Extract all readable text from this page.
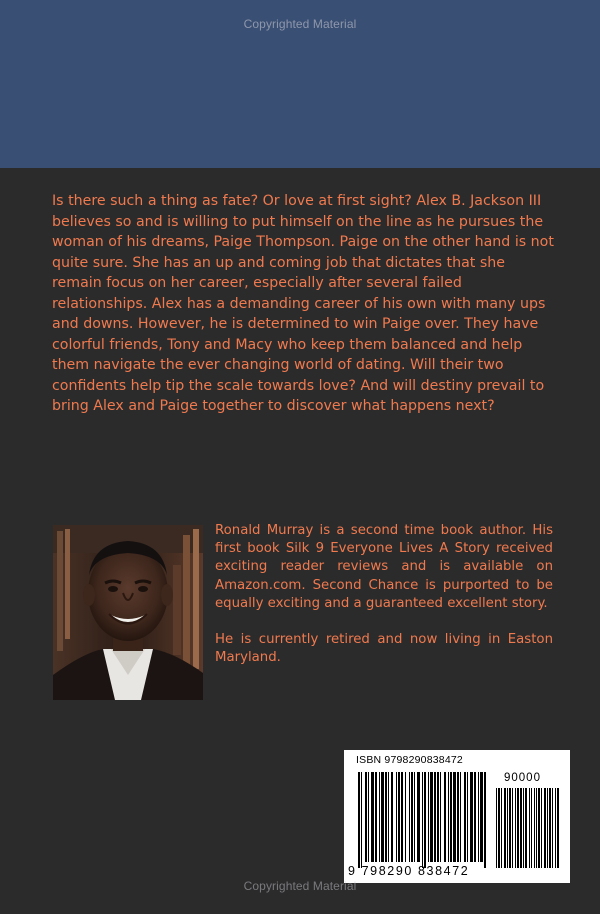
Copyrighted Material

Is there such a thing as fate? Or love at first sight? Alex B. Jackson III believes so and is willing to put himself on the line as he pursues the woman of his dreams, Paige Thompson. Paige on the other hand is not quite sure. She has an up and coming job that dictates that she remain focus on her career, especially after several failed relationships. Alex has a demanding career of his own with many ups and downs. However, he is determined to win Paige over. They have colorful friends, Tony and Macy who keep them balanced and help them navigate the ever changing world of dating. Will their two confidents help tip the scale towards love? And will destiny prevail to bring Alex and Paige together to discover what happens next?

Ronald Murray is a second time book author. His first book Silk 9 Everyone Lives A Story received exciting reader reviews and is available on Amazon.com. Second Chance is purported to be equally exciting and a guaranteed excellent story.

He is currently retired and now living in Easton Maryland.

ISBN 9798290838472
90000
9 798290 838472
Copyrighted Material
